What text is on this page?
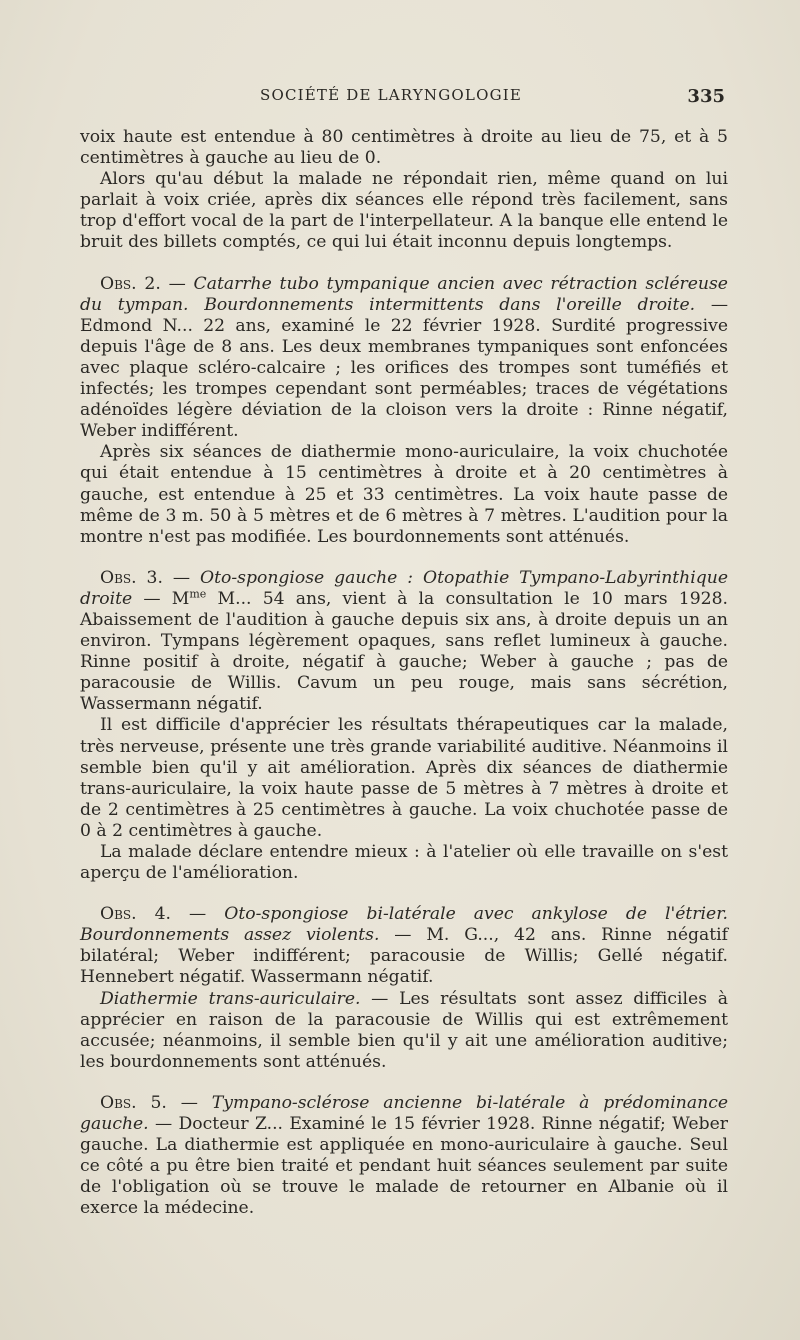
SOCIÉTÉ DE LARYNGOLOGIE	335

voix haute est entendue à 80 centimètres à droite au lieu de 75, et à 5 centimètres à gauche au lieu de 0.

Alors qu'au début la malade ne répondait rien, même quand on lui parlait à voix criée, après dix séances elle répond très facilement, sans trop d'effort vocal de la part de l'interpellateur. A la banque elle entend le bruit des billets comptés, ce qui lui était inconnu depuis longtemps.

Obs. 2. — Catarrhe tubo tympanique ancien avec rétraction scléreuse du tympan. Bourdonnements intermittents dans l'oreille droite. — Edmond N... 22 ans, examiné le 22 février 1928. Surdité progressive depuis l'âge de 8 ans. Les deux membranes tympaniques sont enfoncées avec plaque scléro-calcaire ; les orifices des trompes sont tuméfiés et infectés; les trompes cependant sont perméables; traces de végétations adénoïdes légère déviation de la cloison vers la droite : Rinne négatif, Weber indifférent.

Après six séances de diathermie mono-auriculaire, la voix chuchotée qui était entendue à 15 centimètres à droite et à 20 centimètres à gauche, est entendue à 25 et 33 centimètres. La voix haute passe de même de 3 m. 50 à 5 mètres et de 6 mètres à 7 mètres. L'audition pour la montre n'est pas modifiée. Les bourdonnements sont atténués.

Obs. 3. — Oto-spongiose gauche : Otopathie Tympano-Labyrinthique droite — $M^{me}$ M... 54 ans, vient à la consultation le 10 mars 1928. Abaissement de l'audition à gauche depuis six ans, à droite depuis un an environ. Tympans légèrement opaques, sans reflet lumineux à gauche. Rinne positif à droite, négatif à gauche; Weber à gauche ; pas de paracousie de Willis. Cavum un peu rouge, mais sans sécrétion, Wassermann négatif.

Il est difficile d'apprécier les résultats thérapeutiques car la malade, très nerveuse, présente une très grande variabilité auditive. Néanmoins il semble bien qu'il y ait amélioration. Après dix séances de diathermie trans-auriculaire, la voix haute passe de 5 mètres à 7 mètres à droite et de 2 centimètres à 25 centimètres à gauche. La voix chuchotée passe de 0 à 2 centimètres à gauche.

La malade déclare entendre mieux : à l'atelier où elle travaille on s'est aperçu de l'amélioration.

Obs. 4. — Oto-spongiose bi-latérale avec ankylose de l'étrier. Bourdonnements assez violents. — M. G..., 42 ans. Rinne négatif bilatéral; Weber indifférent; paracousie de Willis; Gellé négatif. Hennebert négatif. Wassermann négatif.

Diathermie trans-auriculaire. — Les résultats sont assez difficiles à apprécier en raison de la paracousie de Willis qui est extrêmement accusée; néanmoins, il semble bien qu'il y ait une amélioration auditive; les bourdonnements sont atténués.

Obs. 5. — Tympano-sclérose ancienne bi-latérale à prédominance gauche. — Docteur Z... Examiné le 15 février 1928. Rinne négatif; Weber gauche. La diathermie est appliquée en mono-auriculaire à gauche. Seul ce côté a pu être bien traité et pendant huit séances seulement par suite de l'obligation où se trouve le malade de retourner en Albanie où il exerce la médecine.
